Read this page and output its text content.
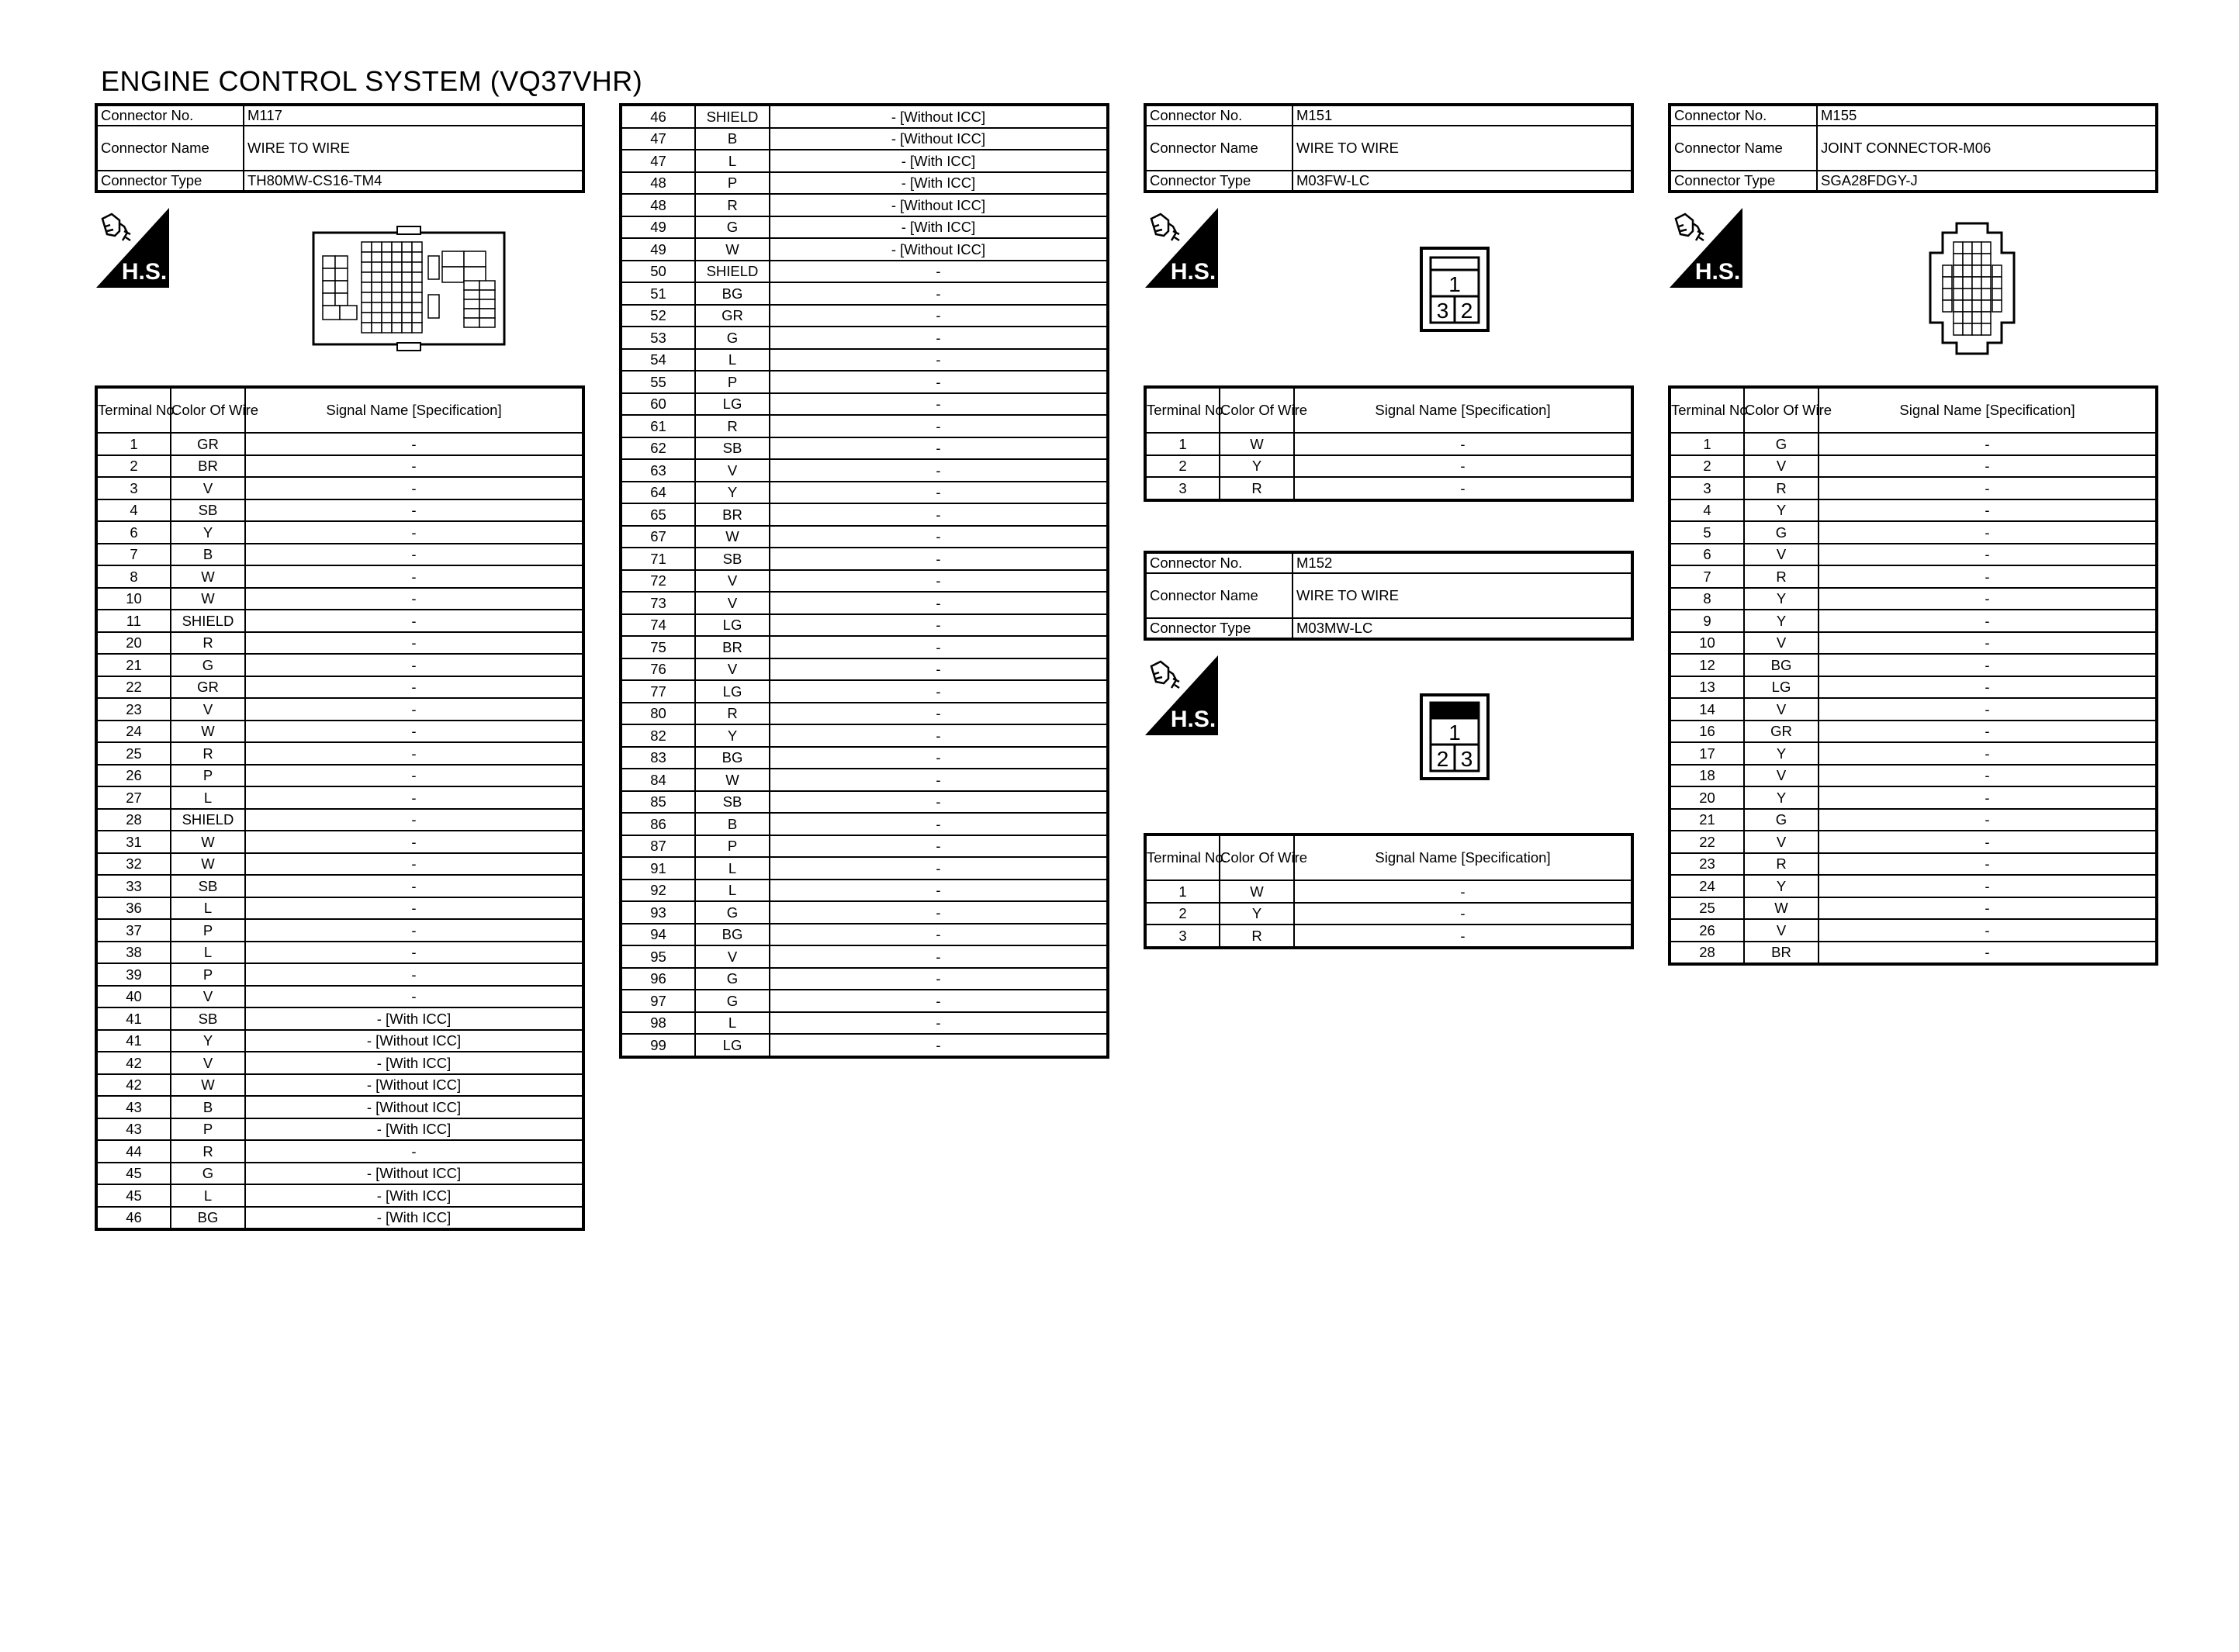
ENGINE CONTROL SYSTEM (VQ37VHR)
Connector No.	M117
Connector Name	WIRE TO WIRE
Connector Type	TH80MW-CS16-TM4
H.S.
Terminal No.	Color Of Wire	Signal Name [Specification]
1	GR	-
2	BR	-
3	V	-
4	SB	-
6	Y	-
7	B	-
8	W	-
10	W	-
11	SHIELD	-
20	R	-
21	G	-
22	GR	-
23	V	-
24	W	-
25	R	-
26	P	-
27	L	-
28	SHIELD	-
31	W	-
32	W	-
33	SB	-
36	L	-
37	P	-
38	L	-
39	P	-
40	V	-
41	SB	- [With ICC]
41	Y	- [Without ICC]
42	V	- [With ICC]
42	W	- [Without ICC]
43	B	- [Without ICC]
43	P	- [With ICC]
44	R	-
45	G	- [Without ICC]
45	L	- [With ICC]
46	BG	- [With ICC]
46	SHIELD	- [Without ICC]
47	B	- [Without ICC]
47	L	- [With ICC]
48	P	- [With ICC]
48	R	- [Without ICC]
49	G	- [With ICC]
49	W	- [Without ICC]
50	SHIELD	-
51	BG	-
52	GR	-
53	G	-
54	L	-
55	P	-
60	LG	-
61	R	-
62	SB	-
63	V	-
64	Y	-
65	BR	-
67	W	-
71	SB	-
72	V	-
73	V	-
74	LG	-
75	BR	-
76	V	-
77	LG	-
80	R	-
82	Y	-
83	BG	-
84	W	-
85	SB	-
86	B	-
87	P	-
91	L	-
92	L	-
93	G	-
94	BG	-
95	V	-
96	G	-
97	G	-
98	L	-
99	LG	-
Connector No.	M151
Connector Name	WIRE TO WIRE
Connector Type	M03FW-LC
H.S.	1
3 2
Terminal No.	Color Of Wire	Signal Name [Specification]
1	W	-
2	Y	-
3	R	-
Connector No.	M152
Connector Name	WIRE TO WIRE
Connector Type	M03MW-LC
H.S.
1
2 3
Terminal No.	Color Of Wire	Signal Name [Specification]
1	W	-
2	Y	-
3	R	-
Connector No.	M155
Connector Name	JOINT CONNECTOR-M06
Connector Type	SGA28FDGY-J
H.S.
Terminal No.	Color Of Wire	Signal Name [Specification]
1	G	-
2	V	-
3	R	-
4	Y	-
5	G	-
6	V	-
7	R	-
8	Y	-
9	Y	-
10	V	-
12	BG	-
13	LG	-
14	V	-
16	GR	-
17	Y	-
18	V	-
20	Y	-
21	G	-
22	V	-
23	R	-
24	Y	-
25	W	-
26	V	-
28	BR	-
